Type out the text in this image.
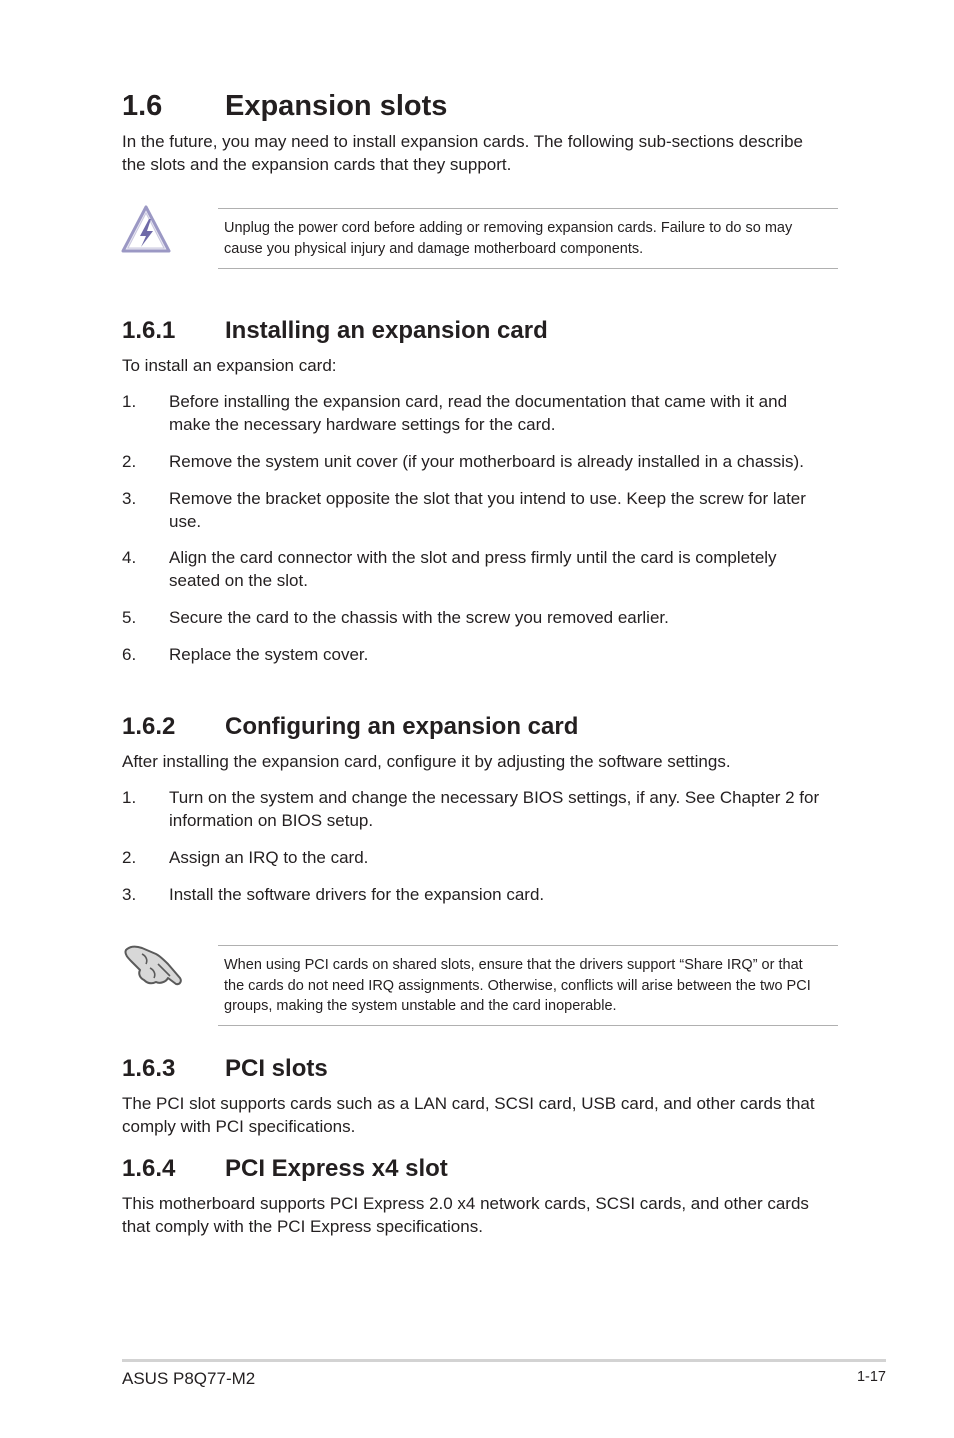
1.6 Expansion slots
In the future, you may need to install expansion cards. The following sub-sections describe
the slots and the expansion cards that they support.
Unplug the power cord before adding or removing expansion cards. Failure to do so may
cause you physical injury and damage motherboard components.
1.6.1 Installing an expansion card
To install an expansion card:
1. Before installing the expansion card, read the documentation that came with it and
make the necessary hardware settings for the card.
2. Remove the system unit cover (if your motherboard is already installed in a chassis).
3. Remove the bracket opposite the slot that you intend to use. Keep the screw for later
use.
4. Align the card connector with the slot and press firmly until the card is completely
seated on the slot.
5. Secure the card to the chassis with the screw you removed earlier.
6. Replace the system cover.
1.6.2 Configuring an expansion card
After installing the expansion card, configure it by adjusting the software settings.
1. Turn on the system and change the necessary BIOS settings, if any. See Chapter 2 for
information on BIOS setup.
2. Assign an IRQ to the card.
3. Install the software drivers for the expansion card.
When using PCI cards on shared slots, ensure that the drivers support “Share IRQ” or that
the cards do not need IRQ assignments. Otherwise, conflicts will arise between the two PCI
groups, making the system unstable and the card inoperable.
1.6.3 PCI slots
The PCI slot supports cards such as a LAN card, SCSI card, USB card, and other cards that
comply with PCI specifications.
1.6.4 PCI Express x4 slot
This motherboard supports PCI Express 2.0 x4 network cards, SCSI cards, and other cards
that comply with the PCI Express specifications.
ASUS P8Q77-M2	1-17
